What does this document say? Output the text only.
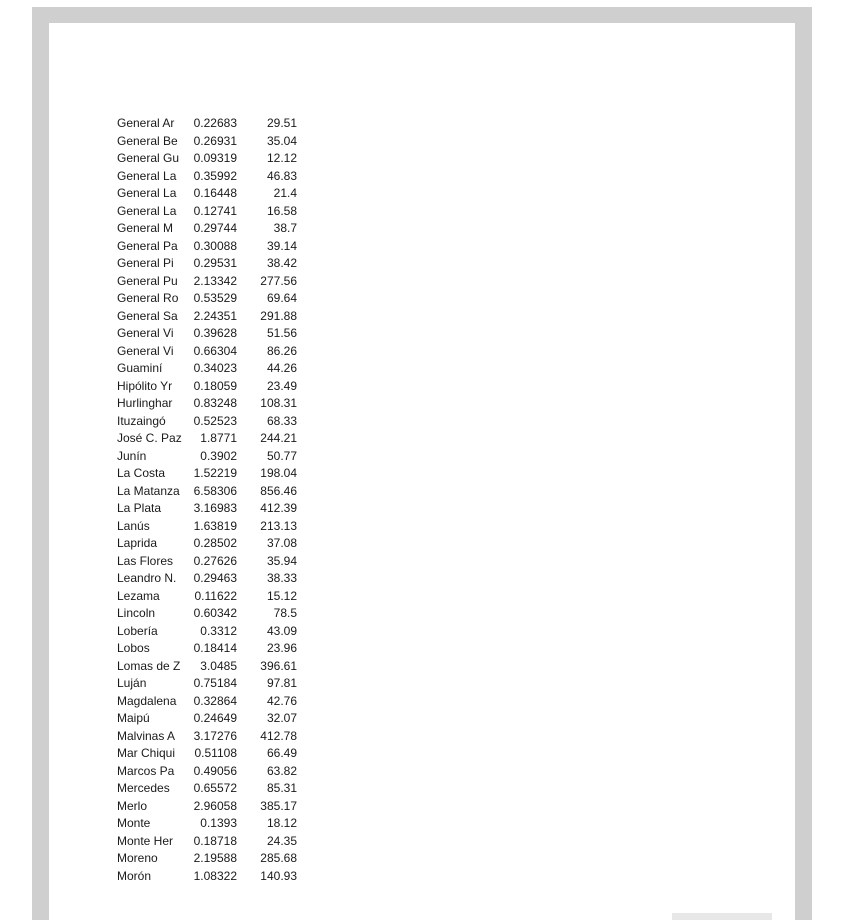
General Ar	0.22683	29.51
General Be	0.26931	35.04
General Gu	0.09319	12.12
General La	0.35992	46.83
General La	0.16448	21.4
General La	0.12741	16.58
General M	0.29744	38.7
General Pa	0.30088	39.14
General Pi	0.29531	38.42
General Pu	2.13342	277.56
General Ro	0.53529	69.64
General Sa	2.24351	291.88
General Vi	0.39628	51.56
General Vi	0.66304	86.26
Guaminí	0.34023	44.26
Hipólito Yr	0.18059	23.49
Hurlinghar	0.83248	108.31
Ituzaingó	0.52523	68.33
José C. Paz	1.8771	244.21
Junín	0.3902	50.77
La Costa	1.52219	198.04
La Matanza	6.58306	856.46
La Plata	3.16983	412.39
Lanús	1.63819	213.13
Laprida	0.28502	37.08
Las Flores	0.27626	35.94
Leandro N.	0.29463	38.33
Lezama	0.11622	15.12
Lincoln	0.60342	78.5
Lobería	0.3312	43.09
Lobos	0.18414	23.96
Lomas de Z	3.0485	396.61
Luján	0.75184	97.81
Magdalena	0.32864	42.76
Maipú	0.24649	32.07
Malvinas A	3.17276	412.78
Mar Chiqui	0.51108	66.49
Marcos Pa	0.49056	63.82
Mercedes	0.65572	85.31
Merlo	2.96058	385.17
Monte	0.1393	18.12
Monte Her	0.18718	24.35
Moreno	2.19588	285.68
Morón	1.08322	140.93
